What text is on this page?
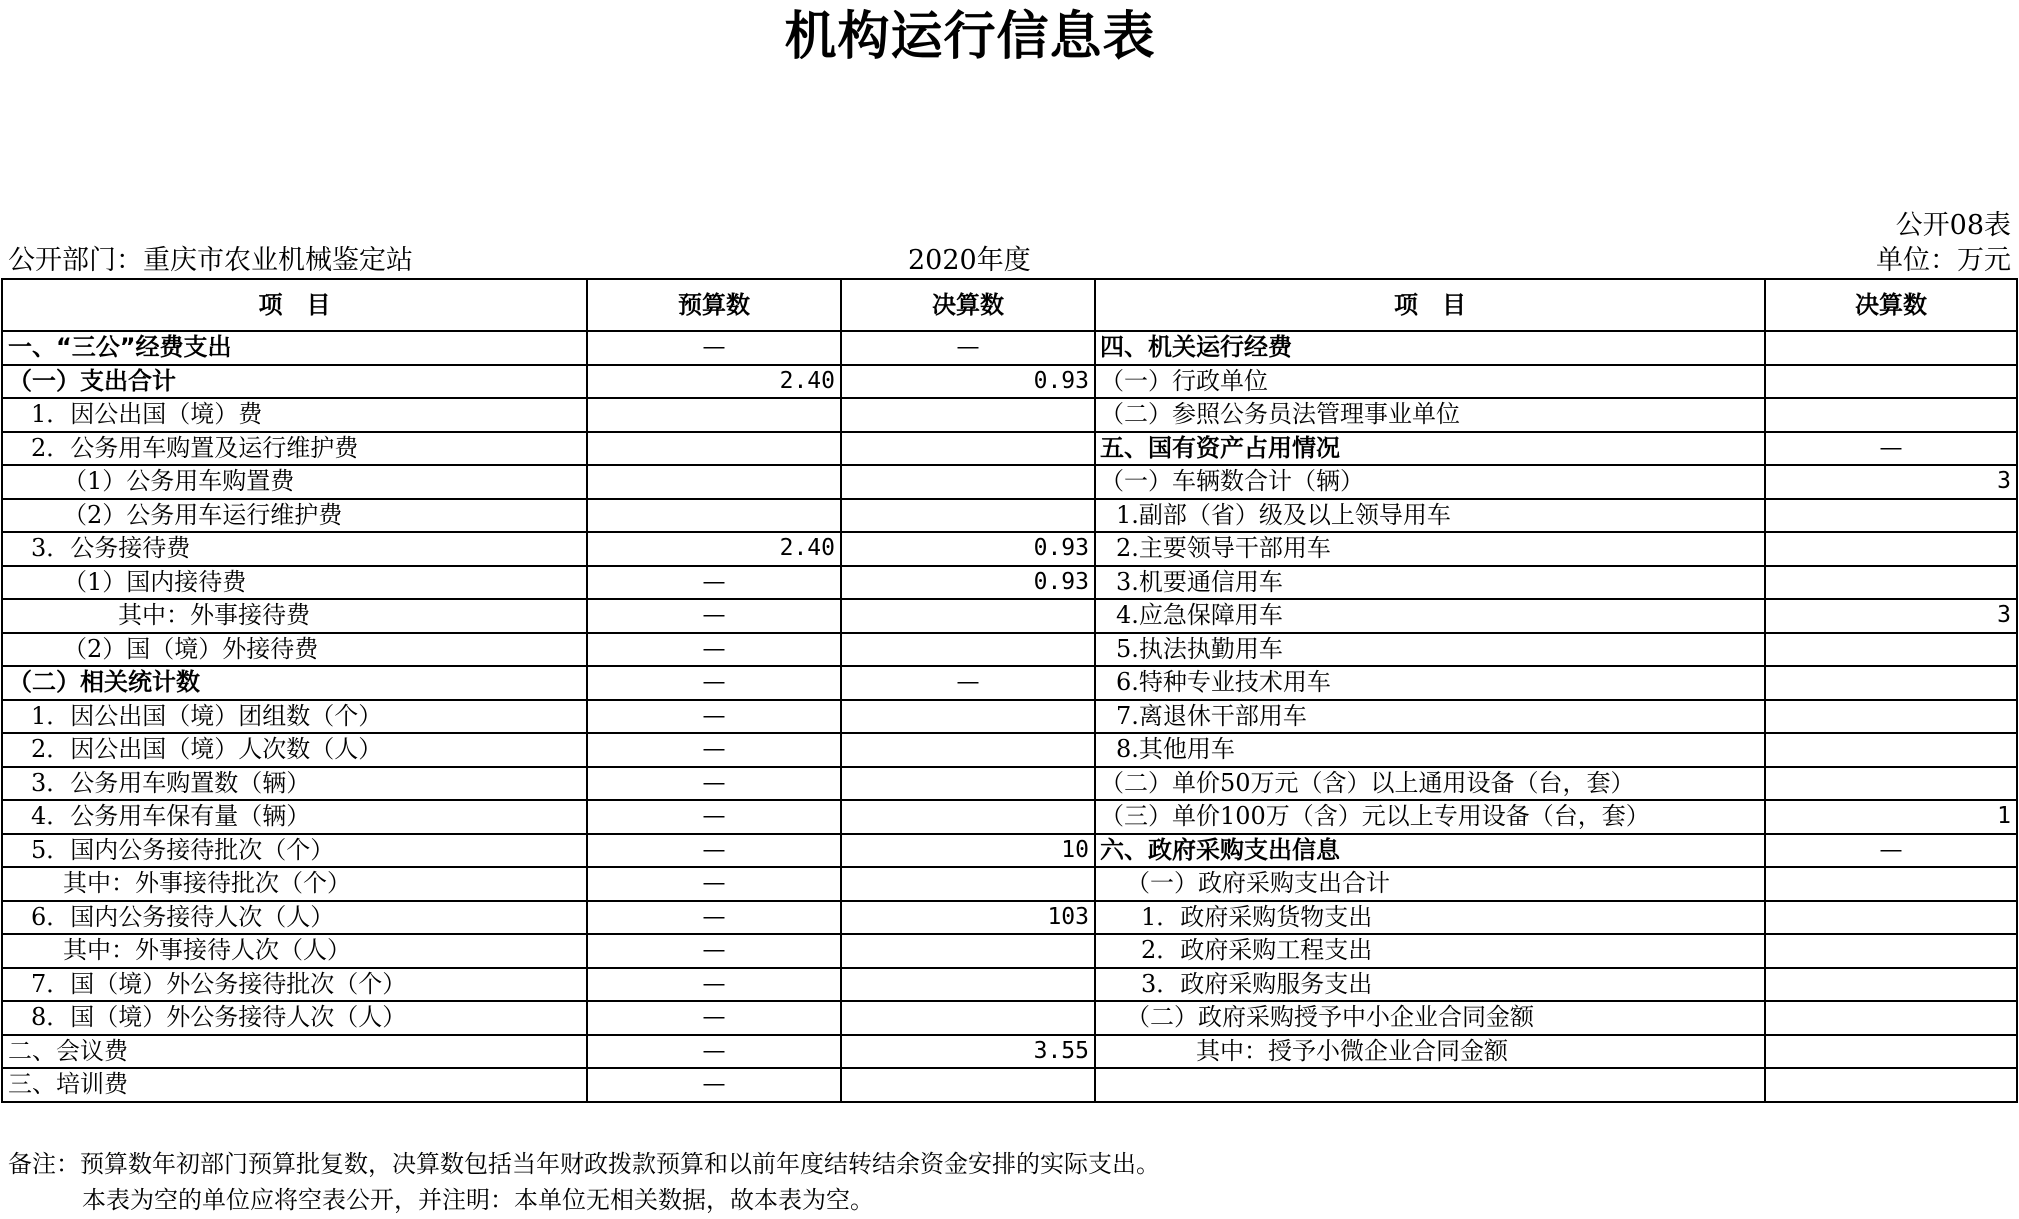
机构运行信息表
公开08表
公开部门：重庆市农业机械鉴定站	2020年度	单位：万元
项　目	预算数	决算数	项　目	决算数
一、“三公”经费支出	—	—	四、机关运行经费	
（一）支出合计	2.40	0.93	（一）行政单位	
1．因公出国（境）费			（二）参照公务员法管理事业单位	
2．公务用车购置及运行维护费			五、国有资产占用情况	—
（1）公务用车购置费			（一）车辆数合计（辆）	3
（2）公务用车运行维护费			1.副部（省）级及以上领导用车	
3．公务接待费	2.40	0.93	2.主要领导干部用车	
（1）国内接待费	—	0.93	3.机要通信用车	
其中：外事接待费	—		4.应急保障用车	3
（2）国（境）外接待费	—		5.执法执勤用车	
（二）相关统计数	—	—	6.特种专业技术用车	
1．因公出国（境）团组数（个）	—		7.离退休干部用车	
2．因公出国（境）人次数（人）	—		8.其他用车	
3．公务用车购置数（辆）	—		（二）单价50万元（含）以上通用设备（台，套）	
4．公务用车保有量（辆）	—		（三）单价100万（含）元以上专用设备（台，套）	1
5．国内公务接待批次（个）	—	10	六、政府采购支出信息	—
其中：外事接待批次（个）	—		（一）政府采购支出合计	
6．国内公务接待人次（人）	—	103	1．政府采购货物支出	
其中：外事接待人次（人）	—		2．政府采购工程支出	
7．国（境）外公务接待批次（个）	—		3．政府采购服务支出	
8．国（境）外公务接待人次（人）	—		（二）政府采购授予中小企业合同金额	
二、会议费	—	3.55	其中：授予小微企业合同金额	
三、培训费	—			
备注：预算数年初部门预算批复数，决算数包括当年财政拨款预算和以前年度结转结余资金安排的实际支出。
本表为空的单位应将空表公开，并注明：本单位无相关数据，故本表为空。
